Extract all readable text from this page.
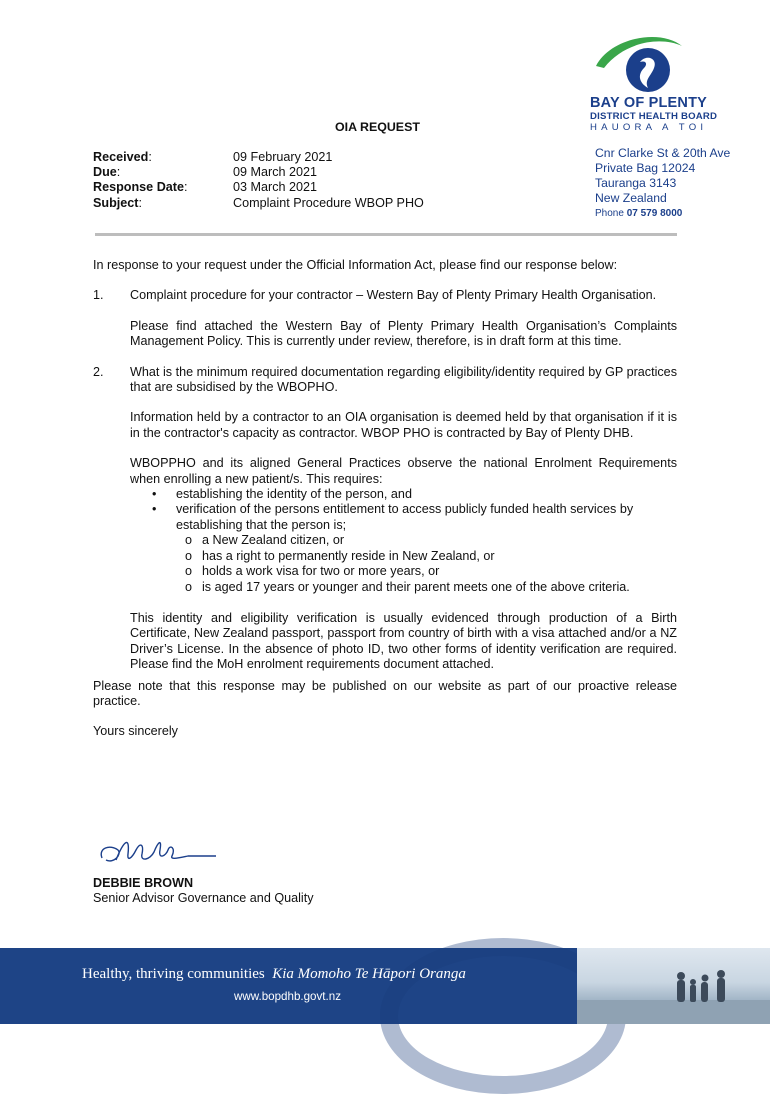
BAY OF PLENTY
DISTRICT HEALTH BOARD
HAUORA A TOI
Cnr Clarke St & 20th Ave
Private Bag 12024
Tauranga 3143
New Zealand
Phone 07 579 8000
OIA REQUEST
Received:	09 February 2021
Due:	09 March 2021
Response Date:	03 March 2021
Subject:	Complaint Procedure WBOP PHO

In response to your request under the Official Information Act, please find our response below:

1.	Complaint procedure for your contractor – Western Bay of Plenty Primary Health Organisation.

Please find attached the Western Bay of Plenty Primary Health Organisation’s Complaints Management Policy. This is currently under review, therefore, is in draft form at this time.

2.	What is the minimum required documentation regarding eligibility/identity required by GP practices that are subsidised by the WBOPHO.

Information held by a contractor to an OIA organisation is deemed held by that organisation if it is in the contractor's capacity as contractor. WBOP PHO is contracted by Bay of Plenty DHB.

WBOPPHO and its aligned General Practices observe the national Enrolment Requirements when enrolling a new patient/s. This requires:

• establishing the identity of the person, and
• verification of the persons entitlement to access publicly funded health services by establishing that the person is;
o a New Zealand citizen, or
o has a right to permanently reside in New Zealand, or
o holds a work visa for two or more years, or
o is aged 17 years or younger and their parent meets one of the above criteria.

This identity and eligibility verification is usually evidenced through production of a Birth Certificate, New Zealand passport, passport from country of birth with a visa attached and/or a NZ Driver’s License. In the absence of photo ID, two other forms of identity verification are required. Please find the MoH enrolment requirements document attached.

Please note that this response may be published on our website as part of our proactive release practice.

Yours sincerely

DEBBIE BROWN
Senior Advisor Governance and Quality
Healthy, thriving communities Kia Momoho Te Hāpori Oranga
www.bopdhb.govt.nz
